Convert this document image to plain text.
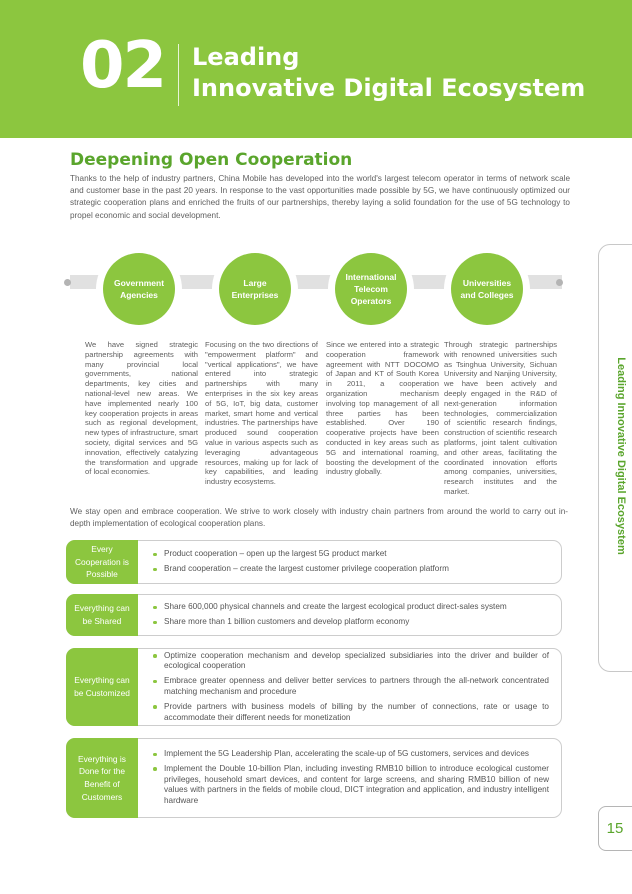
02 Leading
Innovative Digital Ecosystem
Deepening Open Cooperation

Thanks to the help of industry partners, China Mobile has developed into the world's largest telecom operator in terms of network scale and customer base in the past 20 years. In response to the vast opportunities made possible by 5G, we have continuously optimized our strategic cooperation plans and enriched the fruits of our partnerships, thereby laying a solid foundation for the use of 5G technology to propel economic and social development.

Government Agencies
Large Enterprises
International Telecom Operators
Universities and Colleges

We have signed strategic partnership agreements with many provincial local governments, national departments, key cities and national-level new areas. We have implemented nearly 100 key cooperation projects in areas such as regional development, new types of infrastructure, smart society, digital services and 5G innovation, effectively catalyzing the transformation and upgrade of local economies.

Focusing on the two directions of "empowerment platform" and "vertical applications", we have entered into strategic partnerships with many enterprises in the six key areas of 5G, IoT, big data, customer market, smart home and vertical industries. The partnerships have produced sound cooperation value in various aspects such as leveraging advantageous resources, making up for lack of key capabilities, and leading industry ecosystems.

Since we entered into a strategic cooperation framework agreement with NTT DOCOMO of Japan and KT of South Korea in 2011, a cooperation organization mechanism involving top management of all three parties has been established. Over 190 cooperative projects have been conducted in key areas such as 5G and international roaming, boosting the development of the industry globally.

Through strategic partnerships with renowned universities such as Tsinghua University, Sichuan University and Nanjing University, we have been actively and deeply engaged in the R&D of next-generation information technologies, commercialization of scientific research findings, construction of scientific research platforms, joint talent cultivation and other areas, facilitating the coordinated innovation efforts among companies, universities, research institutes and the market.

We stay open and embrace cooperation. We strive to work closely with industry chain partners from around the world to carry out in-depth implementation of ecological cooperation plans.

Every Cooperation is Possible
Product cooperation – open up the largest 5G product market
Brand cooperation – create the largest customer privilege cooperation platform
Everything can be Shared
Share 600,000 physical channels and create the largest ecological product direct-sales system
Share more than 1 billion customers and develop platform economy
Everything can be Customized
Optimize cooperation mechanism and develop specialized subsidiaries into the driver and builder of ecological cooperation
Embrace greater openness and deliver better services to partners through the all-network concentrated matching mechanism and procedure
Provide partners with business models of billing by the number of connections, rate or usage to accommodate their different needs for monetization
Everything is Done for the Benefit of Customers
Implement the 5G Leadership Plan, accelerating the scale-up of 5G customers, services and devices
Implement the Double 10-billion Plan, including investing RMB10 billion to introduce ecological customer privileges, household smart devices, and content for large screens, and sharing RMB10 billion of new values with partners in the fields of mobile cloud, DICT integration and application, and industry intelligent hardware
Leading Innovative Digital Ecosystem
15
